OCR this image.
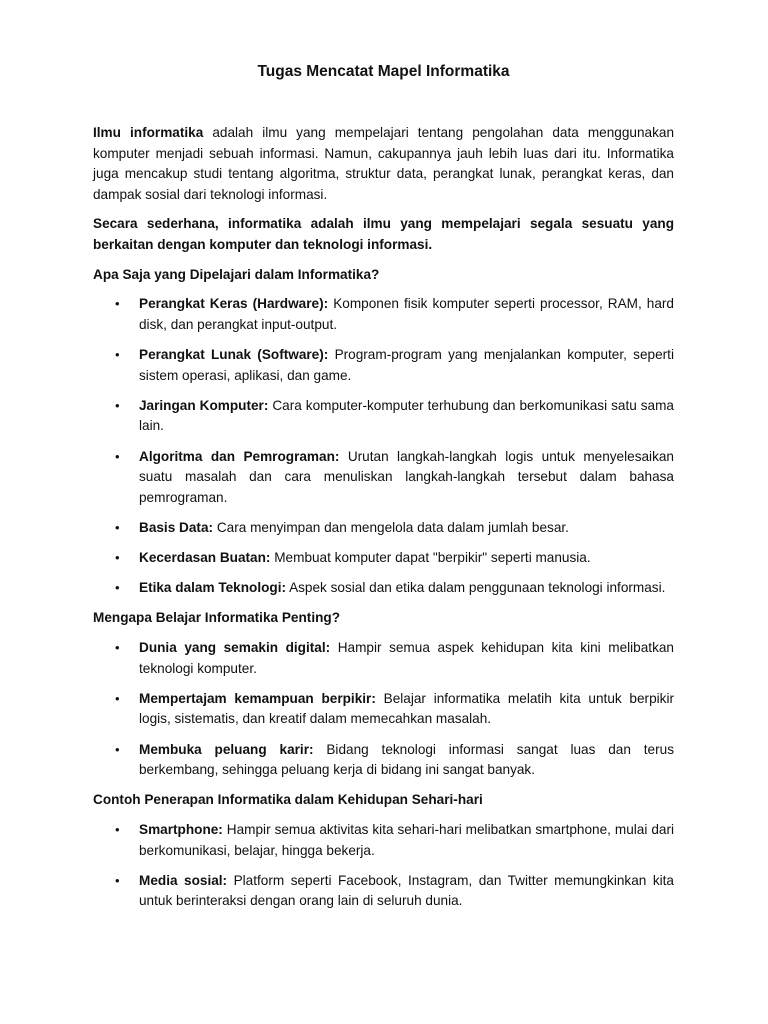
Tugas Mencatat Mapel Informatika

Ilmu informatika adalah ilmu yang mempelajari tentang pengolahan data menggunakan komputer menjadi sebuah informasi. Namun, cakupannya jauh lebih luas dari itu. Informatika juga mencakup studi tentang algoritma, struktur data, perangkat lunak, perangkat keras, dan dampak sosial dari teknologi informasi.

Secara sederhana, informatika adalah ilmu yang mempelajari segala sesuatu yang berkaitan dengan komputer dan teknologi informasi.

Apa Saja yang Dipelajari dalam Informatika?
• Perangkat Keras (Hardware): Komponen fisik komputer seperti processor, RAM, hard disk, dan perangkat input-output.
• Perangkat Lunak (Software): Program-program yang menjalankan komputer, seperti sistem operasi, aplikasi, dan game.
• Jaringan Komputer: Cara komputer-komputer terhubung dan berkomunikasi satu sama lain.
• Algoritma dan Pemrograman: Urutan langkah-langkah logis untuk menyelesaikan suatu masalah dan cara menuliskan langkah-langkah tersebut dalam bahasa pemrograman.
• Basis Data: Cara menyimpan dan mengelola data dalam jumlah besar.
• Kecerdasan Buatan: Membuat komputer dapat "berpikir" seperti manusia.
• Etika dalam Teknologi: Aspek sosial dan etika dalam penggunaan teknologi informasi.
Mengapa Belajar Informatika Penting?
• Dunia yang semakin digital: Hampir semua aspek kehidupan kita kini melibatkan teknologi komputer.
• Mempertajam kemampuan berpikir: Belajar informatika melatih kita untuk berpikir logis, sistematis, dan kreatif dalam memecahkan masalah.
• Membuka peluang karir: Bidang teknologi informasi sangat luas dan terus berkembang, sehingga peluang kerja di bidang ini sangat banyak.
Contoh Penerapan Informatika dalam Kehidupan Sehari-hari
• Smartphone: Hampir semua aktivitas kita sehari-hari melibatkan smartphone, mulai dari berkomunikasi, belajar, hingga bekerja.
• Media sosial: Platform seperti Facebook, Instagram, dan Twitter memungkinkan kita untuk berinteraksi dengan orang lain di seluruh dunia.
